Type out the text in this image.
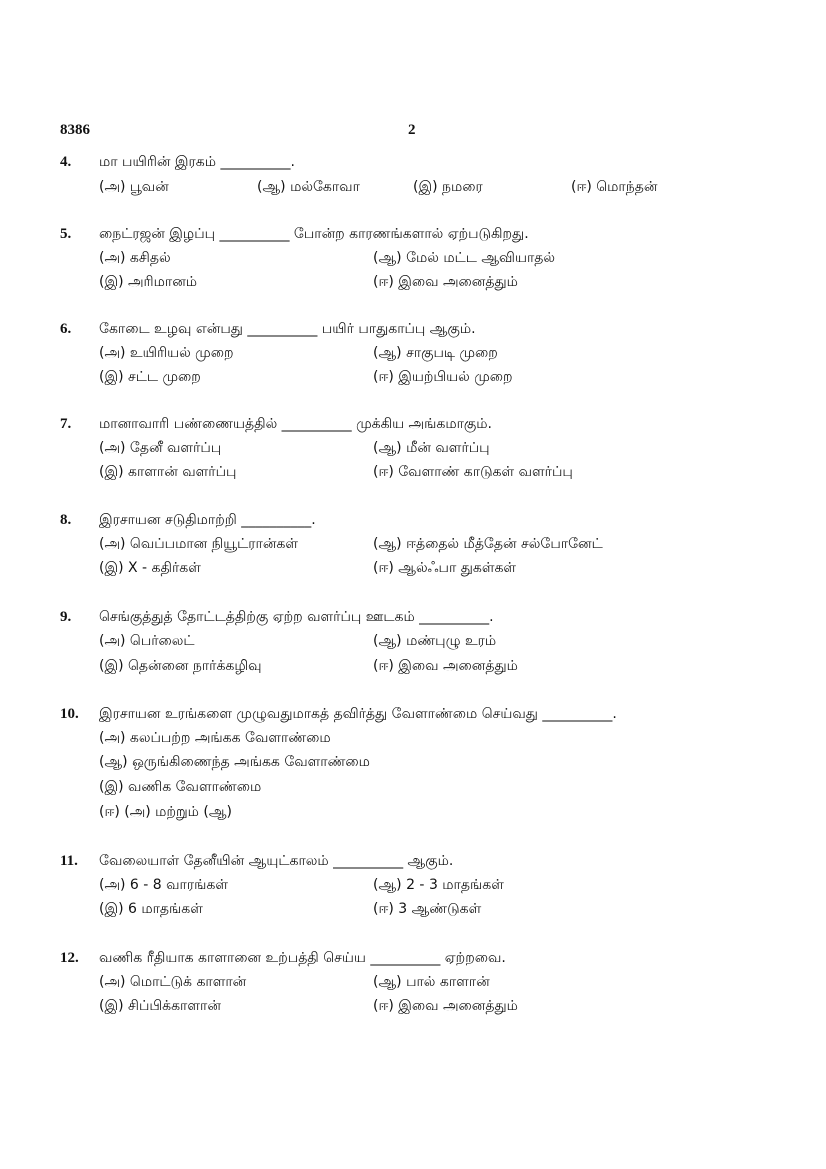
8386	2
4. மா பயிரின் இரகம் __________.
(அ) பூவன்	(ஆ) மல்கோவா	(இ) நமரை	(ஈ) மொந்தன்
5. நைட்ரஜன் இழப்பு __________ போன்ற காரணங்களால் ஏற்படுகிறது.
(அ) கசிதல்	(ஆ) மேல் மட்ட ஆவியாதல்
(இ) அரிமானம்	(ஈ) இவை அனைத்தும்
6. கோடை உழவு என்பது __________ பயிர் பாதுகாப்பு ஆகும்.
(அ) உயிரியல் முறை	(ஆ) சாகுபடி முறை
(இ) சட்ட முறை	(ஈ) இயற்பியல் முறை
7. மானாவாரி பண்ணையத்தில் __________ முக்கிய அங்கமாகும்.
(அ) தேனீ வளர்ப்பு	(ஆ) மீன் வளர்ப்பு
(இ) காளான் வளர்ப்பு	(ஈ) வேளாண் காடுகள் வளர்ப்பு
8. இரசாயன சடுதிமாற்றி __________.
(அ) வெப்பமான நியூட்ரான்கள்	(ஆ) ஈத்தைல் மீத்தேன் சல்போனேட்
(இ) X - கதிர்கள்	(ஈ) ஆல்ஃபா துகள்கள்
9. செங்குத்துத் தோட்டத்திற்கு ஏற்ற வளர்ப்பு ஊடகம் __________.
(அ) பெர்லைட்	(ஆ) மண்புழு உரம்
(இ) தென்னை நார்க்கழிவு	(ஈ) இவை அனைத்தும்
10. இரசாயன உரங்களை முழுவதுமாகத் தவிர்த்து வேளாண்மை செய்வது __________.
(அ) கலப்பற்ற அங்கக வேளாண்மை
(ஆ) ஒருங்கிணைந்த அங்கக வேளாண்மை
(இ) வணிக வேளாண்மை
(ஈ) (அ) மற்றும் (ஆ)
11. வேலையாள் தேனீயின் ஆயுட்காலம் __________ ஆகும்.
(அ) 6 - 8 வாரங்கள்	(ஆ) 2 - 3 மாதங்கள்
(இ) 6 மாதங்கள்	(ஈ) 3 ஆண்டுகள்
12. வணிக ரீதியாக காளானை உற்பத்தி செய்ய __________ ஏற்றவை.
(அ) மொட்டுக் காளான்	(ஆ) பால் காளான்
(இ) சிப்பிக்காளான்	(ஈ) இவை அனைத்தும்
